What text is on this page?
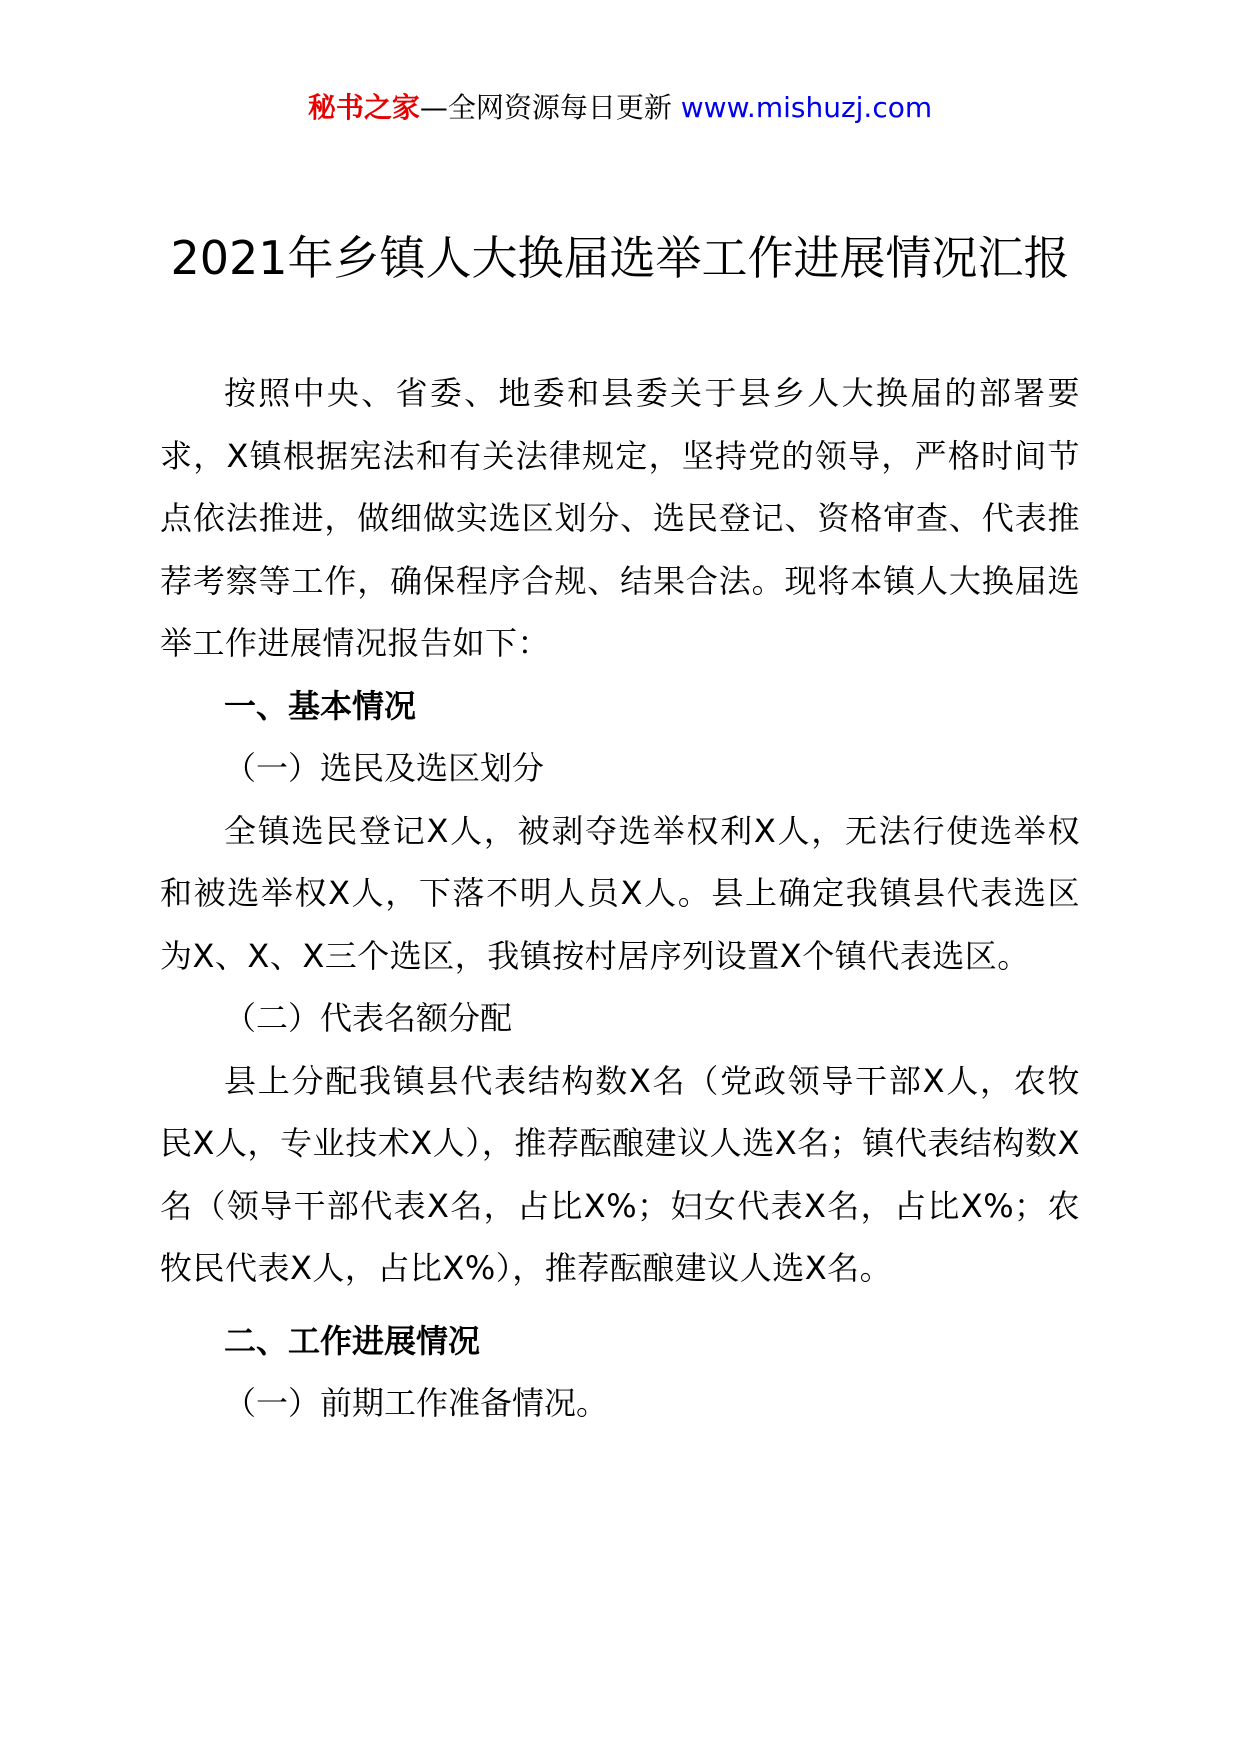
秘书之家—全网资源每日更新 www.mishuzj.com
2021年乡镇人大换届选举工作进展情况汇报

按照中央、省委、地委和县委关于县乡人大换届的部署要求，X镇根据宪法和有关法律规定，坚持党的领导，严格时间节点依法推进，做细做实选区划分、选民登记、资格审查、代表推荐考察等工作，确保程序合规、结果合法。现将本镇人大换届选举工作进展情况报告如下：

一、基本情况

（一）选民及选区划分

全镇选民登记X人，被剥夺选举权利X人，无法行使选举权和被选举权X人，下落不明人员X人。县上确定我镇县代表选区为X、X、X三个选区，我镇按村居序列设置X个镇代表选区。

（二）代表名额分配

县上分配我镇县代表结构数X名（党政领导干部X人，农牧民X人，专业技术X人），推荐酝酿建议人选X名；镇代表结构数X名（领导干部代表X名，占比X%；妇女代表X名，占比X%；农牧民代表X人，占比X%），推荐酝酿建议人选X名。

二、工作进展情况

（一）前期工作准备情况。
